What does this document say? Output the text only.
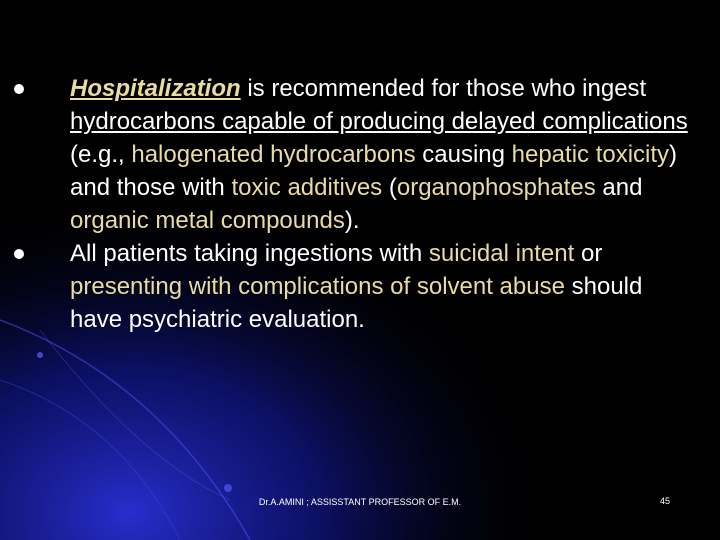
Hospitalization is recommended for those who ingest hydrocarbons capable of producing delayed complications (e.g., halogenated hydrocarbons causing hepatic toxicity) and those with toxic additives (organophosphates and organic metal compounds).
All patients taking ingestions with suicidal intent or presenting with complications of solvent abuse should have psychiatric evaluation.
Dr.A.AMINI ; ASSISSTANT PROFESSOR OF E.M.	45
